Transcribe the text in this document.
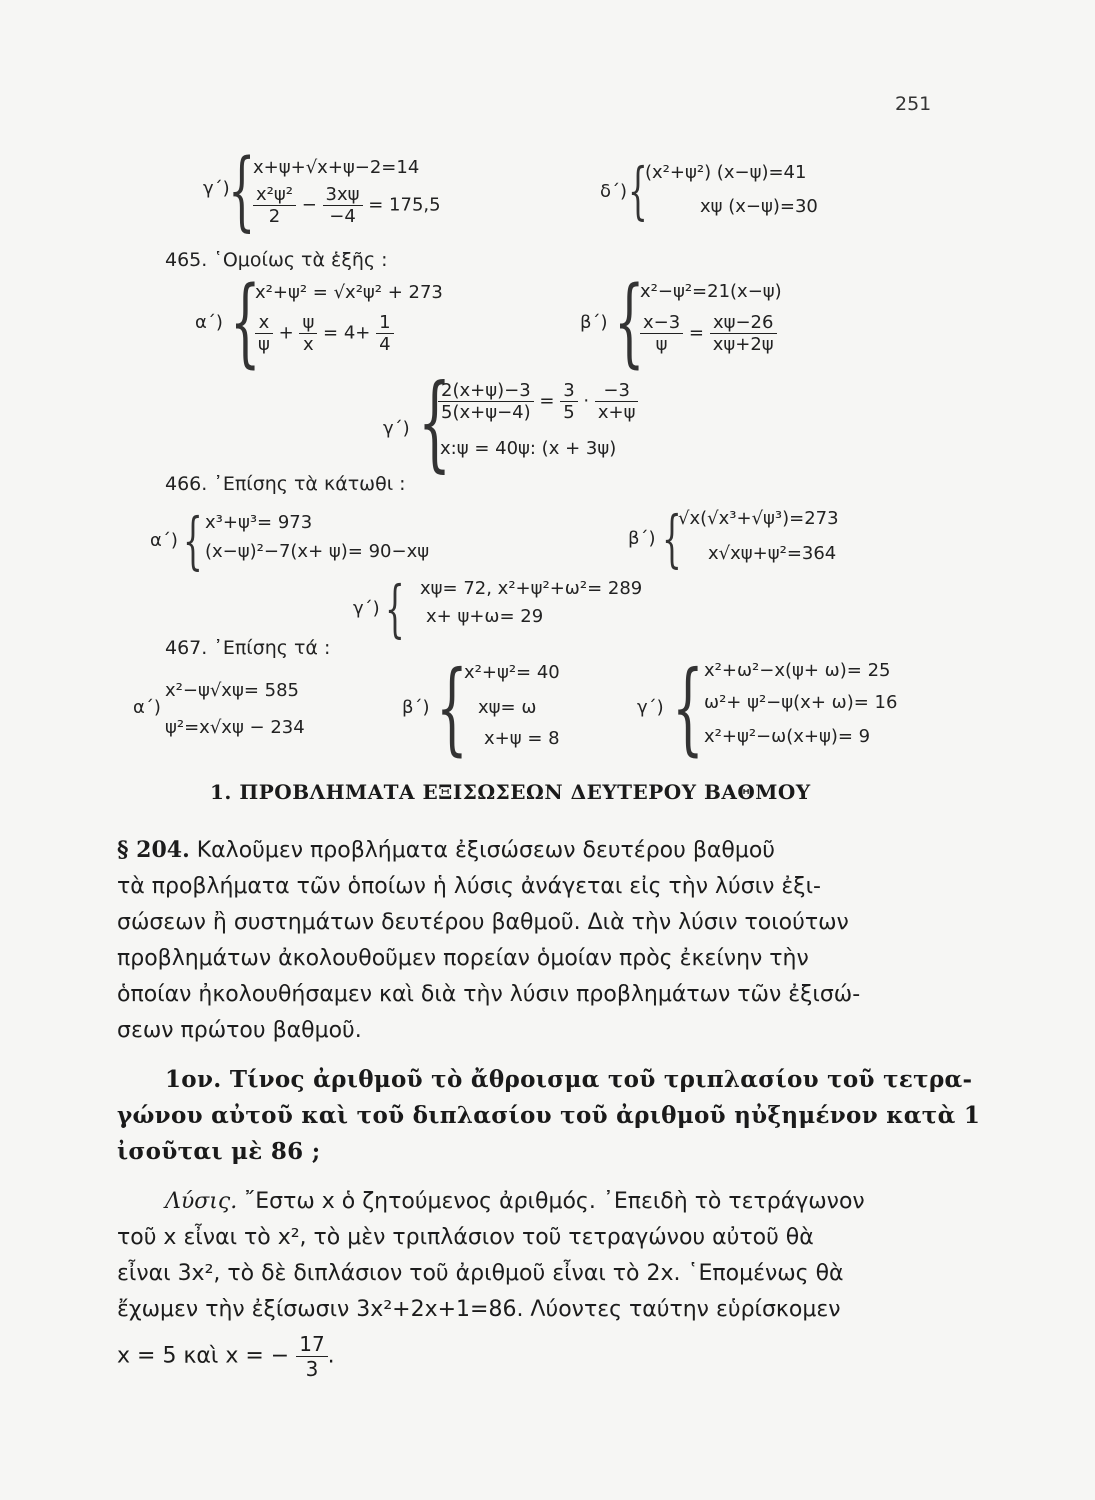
251
γ΄)
{
x+ψ+√x+ψ−2=14
$\frac{\text{x²ψ²}}{2} - \frac{3x\psi}{-4} = 175,5$
δ΄) {
(x²+ψ²) (x−ψ)=41
xψ (x−ψ)=30
465. ῾Ομοίως τὰ ἑξῆς :
α΄) {
x²+ψ² = √x²ψ² + 273
$\frac{x}{\psi} + \frac{\psi}{x} = 4+ \frac{1}{4}$	β΄) {
x²−ψ²=21(x−ψ)
$\frac{x-3}{\psi} = \frac{x\psi-26}{x\psi+2\psi}$
γ΄) {
$\frac{2(x+\psi)-3}{5(x+\psi-4)} = \frac{3}{5} \cdot \frac{-3}{x+\psi}$
x:ψ = 40ψ: (x + 3ψ)
466. ᾿Επίσης τὰ κάτωθι :
α΄) { x³+ψ³= 973
(x−ψ)²−7(x+ ψ)= 90−xψ
β΄) {
√x(√x³+√ψ³)=273
x√xψ+ψ²=364
γ΄) { xψ= 72, x²+ψ²+ω²= 289
x+ ψ+ω= 29
467. ᾿Επίσης τά :
α΄)
x²−ψ√xψ= 585
ψ²=x√xψ − 234
β΄) {
x²+ψ²= 40
xψ= ω
x+ψ = 8
γ΄) { x²+ω²−x(ψ+ ω)= 25
ω²+ ψ²−ψ(x+ ω)= 16
x²+ψ²−ω(x+ψ)= 9
1. ΠΡΟΒΛΗΜΑΤΑ ΕΞΙΣΩΣΕΩΝ ΔΕΥΤΕΡΟΥ ΒΑΘΜΟΥ
§ 204. Καλοῦμεν προβλήματα ἐξισώσεων δευτέρου βαθμοῦ
τὰ προβλήματα τῶν ὁποίων ἡ λύσις ἀνάγεται εἰς τὴν λύσιν ἐξι-
σώσεων ἢ συστημάτων δευτέρου βαθμοῦ. Διὰ τὴν λύσιν τοιούτων
προβλημάτων ἀκολουθοῦμεν πορείαν ὁμοίαν πρὸς ἐκείνην τὴν
ὁποίαν ἠκολουθήσαμεν καὶ διὰ τὴν λύσιν προβλημάτων τῶν ἐξισώ-
σεων πρώτου βαθμοῦ.
1ον. Τίνος ἀριθμοῦ τὸ ἄθροισμα τοῦ τριπλασίου τοῦ τετρα-
γώνου αὐτοῦ καὶ τοῦ διπλασίου τοῦ ἀριθμοῦ ηὐξημένον κατὰ 1
ἰσοῦται μὲ 86 ;
Λύσις. ῎Εστω x ὁ ζητούμενος ἀριθμός. ᾿Επειδὴ τὸ τετράγωνον
τοῦ x εἶναι τὸ x², τὸ μὲν τριπλάσιον τοῦ τετραγώνου αὐτοῦ θὰ
εἶναι 3x², τὸ δὲ διπλάσιον τοῦ ἀριθμοῦ εἶναι τὸ 2x. ῾Επομένως θὰ
ἔχωμεν τὴν ἐξίσωσιν 3x²+2x+1=86. Λύοντες ταύτην εὑρίσκομεν
x = 5 καὶ x = − $\frac{17}{3}$ .
